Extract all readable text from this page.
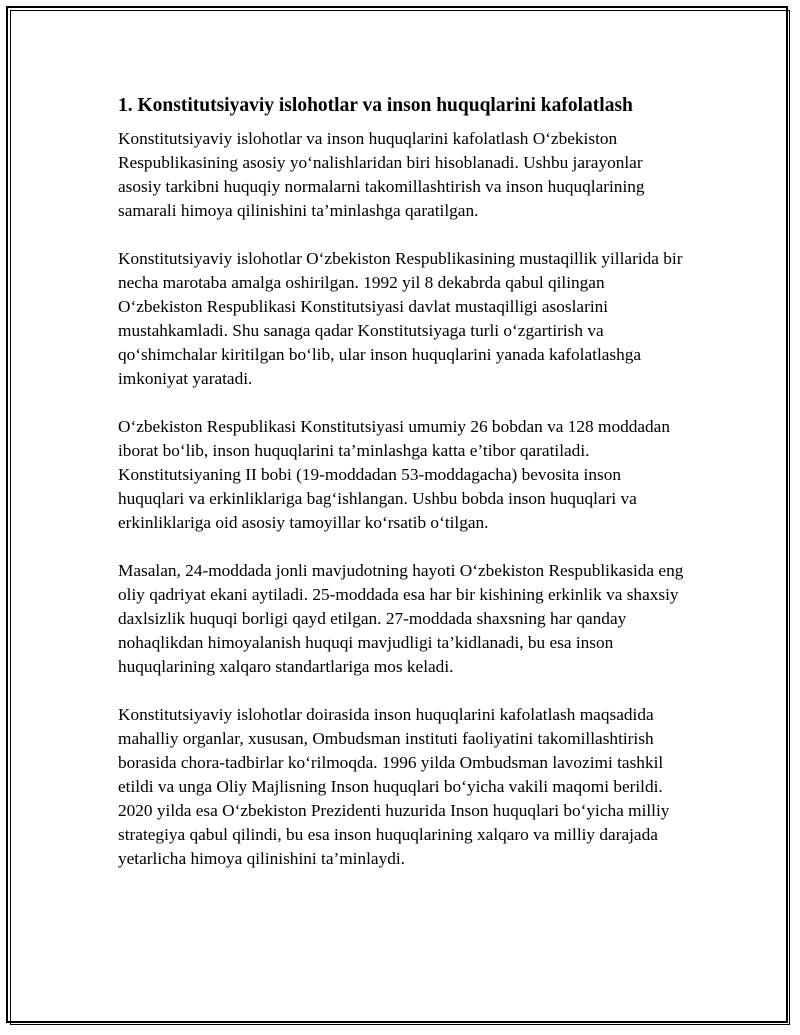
1. Konstitutsiyaviy islohotlar va inson huquqlarini kafolatlash

Konstitutsiyaviy islohotlar va inson huquqlarini kafolatlash O‘zbekiston Respublikasining asosiy yo‘nalishlaridan biri hisoblanadi. Ushbu jarayonlar asosiy tarkibni huquqiy normalarni takomillashtirish va inson huquqlarining samarali himoya qilinishini ta’minlashga qaratilgan.

Konstitutsiyaviy islohotlar O‘zbekiston Respublikasining mustaqillik yillarida bir necha marotaba amalga oshirilgan. 1992 yil 8 dekabrda qabul qilingan O‘zbekiston Respublikasi Konstitutsiyasi davlat mustaqilligi asoslarini mustahkamladi. Shu sanaga qadar Konstitutsiyaga turli o‘zgartirish va qo‘shimchalar kiritilgan bo‘lib, ular inson huquqlarini yanada kafolatlashga imkoniyat yaratadi.

O‘zbekiston Respublikasi Konstitutsiyasi umumiy 26 bobdan va 128 moddadan iborat bo‘lib, inson huquqlarini ta’minlashga katta e’tibor qaratiladi. Konstitutsiyaning II bobi (19-moddadan 53-moddagacha) bevosita inson huquqlari va erkinliklariga bag‘ishlangan. Ushbu bobda inson huquqlari va erkinliklariga oid asosiy tamoyillar ko‘rsatib o‘tilgan.

Masalan, 24-moddada jonli mavjudotning hayoti O‘zbekiston Respublikasida eng oliy qadriyat ekani aytiladi. 25-moddada esa har bir kishining erkinlik va shaxsiy daxlsizlik huquqi borligi qayd etilgan. 27-moddada shaxsning har qanday nohaqlikdan himoyalanish huquqi mavjudligi ta’kidlanadi, bu esa inson huquqlarining xalqaro standartlariga mos keladi.

Konstitutsiyaviy islohotlar doirasida inson huquqlarini kafolatlash maqsadida mahalliy organlar, xususan, Ombudsman instituti faoliyatini takomillashtirish borasida chora-tadbirlar ko‘rilmoqda. 1996 yilda Ombudsman lavozimi tashkil etildi va unga Oliy Majlisning Inson huquqlari bo‘yicha vakili maqomi berildi. 2020 yilda esa O‘zbekiston Prezidenti huzurida Inson huquqlari bo‘yicha milliy strategiya qabul qilindi, bu esa inson huquqlarining xalqaro va milliy darajada yetarlicha himoya qilinishini ta’minlaydi.
